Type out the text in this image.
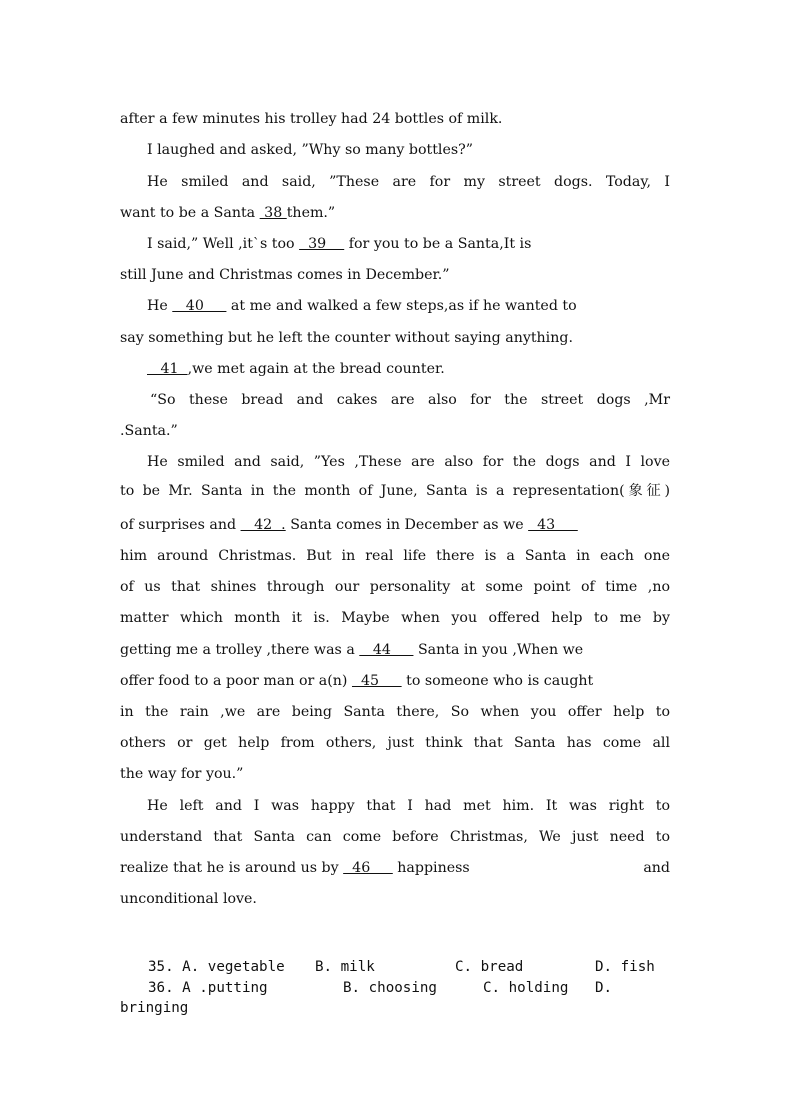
after a few minutes his trolley had 24 bottles of milk.
I laughed and asked, ”Why so many bottles?”
He smiled and said, ”These are for my street dogs. Today, I
want to be a Santa  38 them.”
I said,” Well ,it`s too   39     for you to be a Santa,It is
still June and Christmas comes in December.”
He    40      at me and walked a few steps,as if he wanted to
say something but he left the counter without saying anything.
41  ,we met again at the bread counter.
“So these bread and cakes are also for the street dogs ,Mr
.Santa.”
He smiled and said, ”Yes ,These are also for the dogs and I love
to be Mr. Santa in the month of June, Santa is a representation(象征)
of surprises and    42  . Santa comes in December as we   43
him around Christmas. But in real life there is a Santa in each one
of us that shines through our personality at some point of time ,no
matter which month it is. Maybe when you offered help to me by
getting me a trolley ,there was a    44      Santa in you ,When we
offer food to a poor man or a(n)   45      to someone who is caught
in the rain ,we are being Santa there, So when you offer help to
others or get help from others, just think that Santa has come all
the way for you.”
He left and I was happy that I had met him. It was right to
understand that Santa can come before Christmas, We just need to
realize that he is around us by   46      happiness	and
unconditional love.
35. A. vegetable B. milk	C. bread	D. fish
36. A .putting	B. choosing	C. holding D.
bringing
